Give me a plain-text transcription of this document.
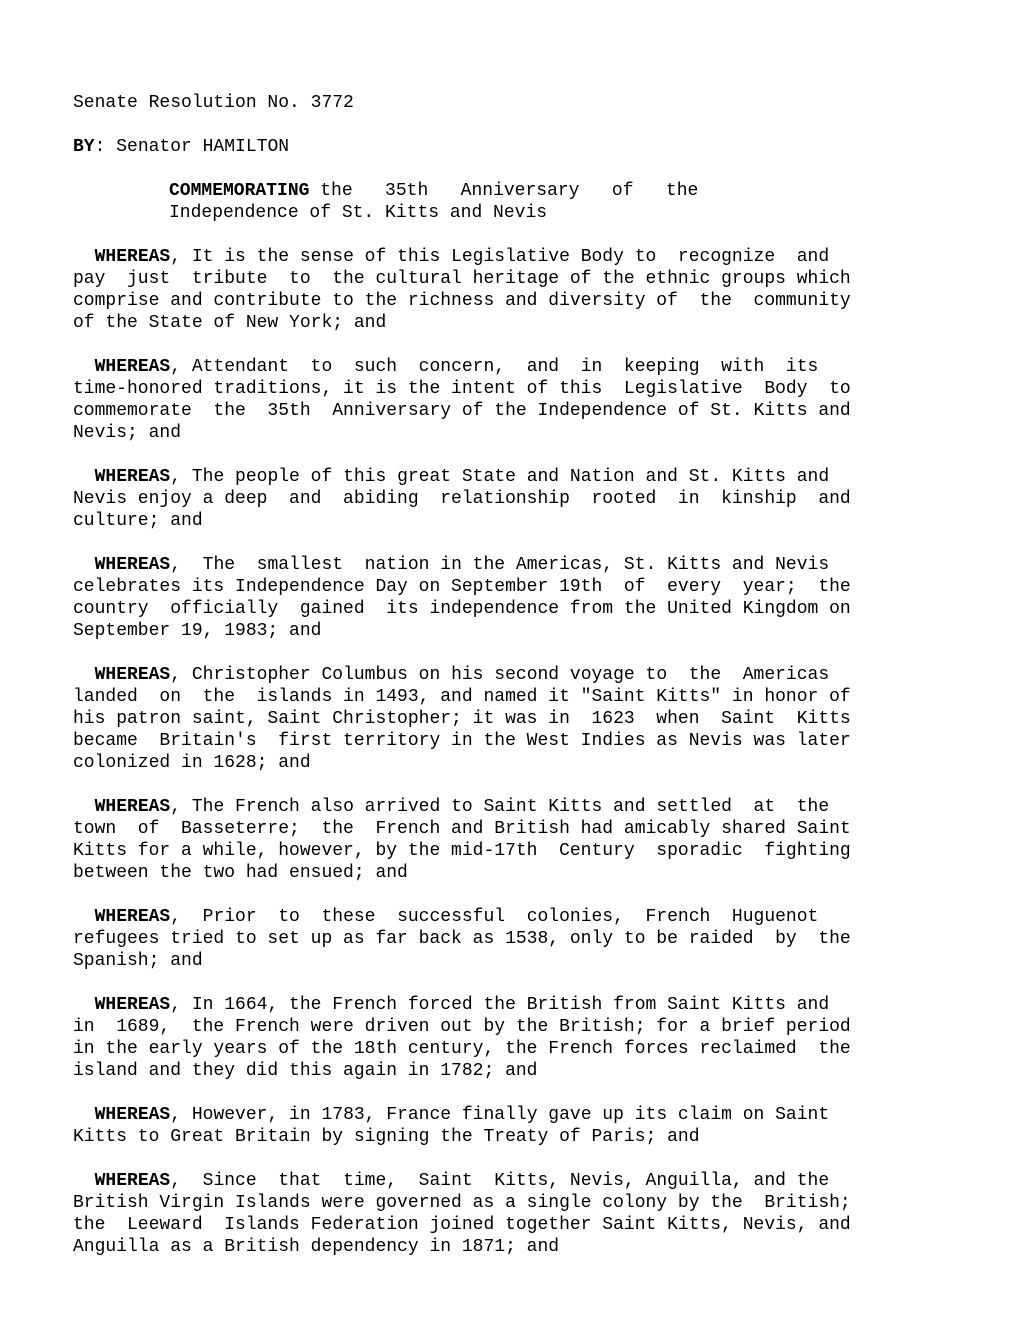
Senate Resolution No. 3772
BY: Senator HAMILTON
COMMEMORATING the   35th   Anniversary   of   the
Independence of St. Kitts and Nevis
WHEREAS, It is the sense of this Legislative Body to  recognize  and
pay  just  tribute  to  the cultural heritage of the ethnic groups which
comprise and contribute to the richness and diversity of  the  community
of the State of New York; and
WHEREAS, Attendant  to  such  concern,  and  in  keeping  with  its
time-honored traditions, it is the intent of this  Legislative  Body  to
commemorate  the  35th  Anniversary of the Independence of St. Kitts and
Nevis; and
WHEREAS, The people of this great State and Nation and St. Kitts and
Nevis enjoy a deep  and  abiding  relationship  rooted  in  kinship  and
culture; and
WHEREAS,  The  smallest  nation in the Americas, St. Kitts and Nevis
celebrates its Independence Day on September 19th  of  every  year;  the
country  officially  gained  its independence from the United Kingdom on
September 19, 1983; and
WHEREAS, Christopher Columbus on his second voyage to  the  Americas
landed  on  the  islands in 1493, and named it "Saint Kitts" in honor of
his patron saint, Saint Christopher; it was in  1623  when  Saint  Kitts
became  Britain's  first territory in the West Indies as Nevis was later
colonized in 1628; and
WHEREAS, The French also arrived to Saint Kitts and settled  at  the
town  of  Basseterre;  the  French and British had amicably shared Saint
Kitts for a while, however, by the mid-17th  Century  sporadic  fighting
between the two had ensued; and
WHEREAS,  Prior  to  these  successful  colonies,  French  Huguenot
refugees tried to set up as far back as 1538, only to be raided  by  the
Spanish; and
WHEREAS, In 1664, the French forced the British from Saint Kitts and
in  1689,  the French were driven out by the British; for a brief period
in the early years of the 18th century, the French forces reclaimed  the
island and they did this again in 1782; and
WHEREAS, However, in 1783, France finally gave up its claim on Saint
Kitts to Great Britain by signing the Treaty of Paris; and
WHEREAS,  Since  that  time,  Saint  Kitts, Nevis, Anguilla, and the
British Virgin Islands were governed as a single colony by the  British;
the  Leeward  Islands Federation joined together Saint Kitts, Nevis, and
Anguilla as a British dependency in 1871; and
